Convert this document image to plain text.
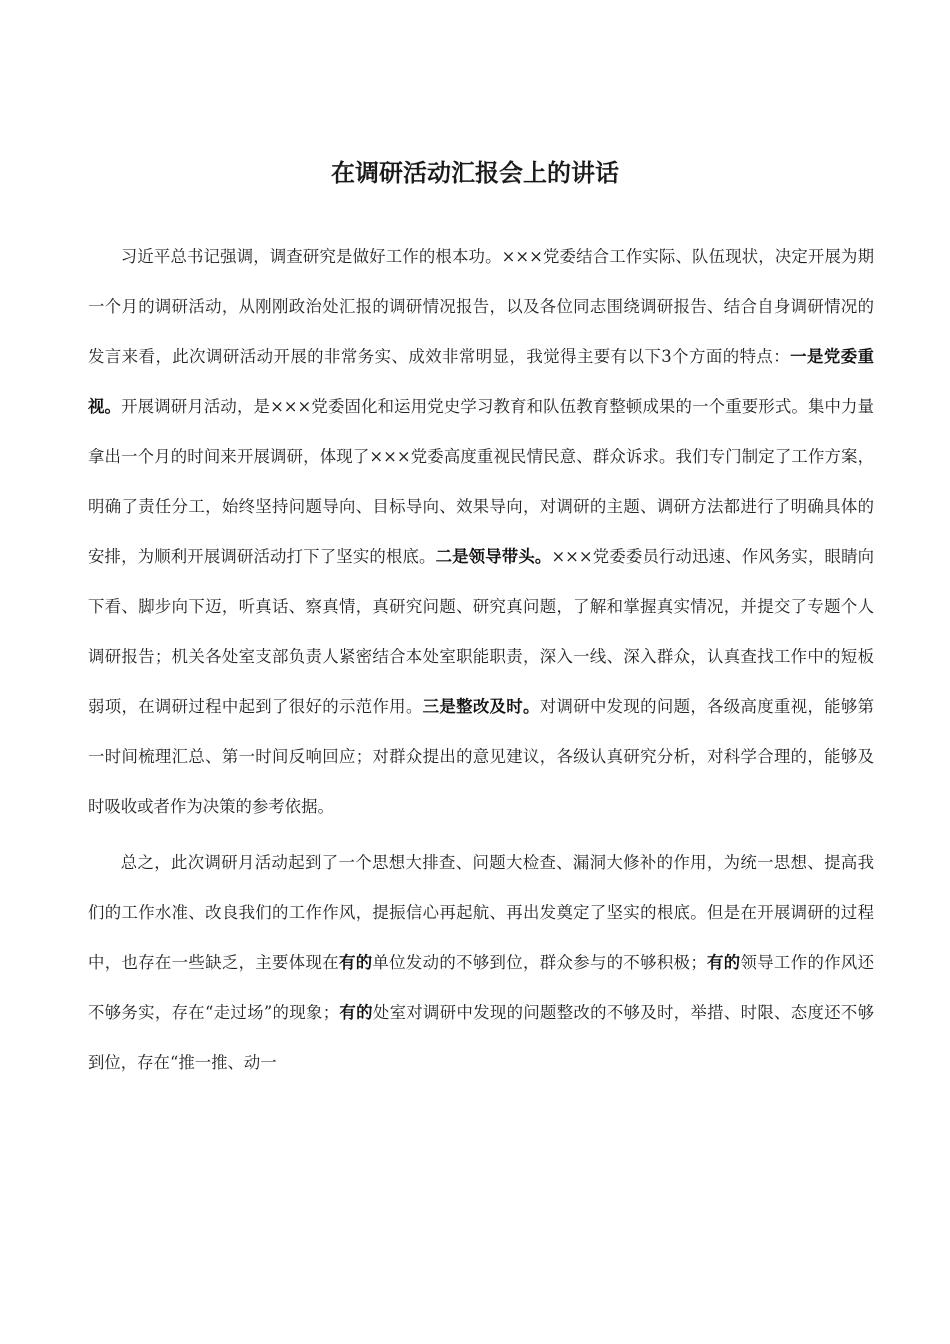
在调研活动汇报会上的讲话

习近平总书记强调，调查研究是做好工作的根本功。×××党委结合工作实际、队伍现状，决定开展为期一个月的调研活动，从刚刚政治处汇报的调研情况报告，以及各位同志围绕调研报告、结合自身调研情况的发言来看，此次调研活动开展的非常务实、成效非常明显，我觉得主要有以下3个方面的特点：一是党委重视。开展调研月活动，是×××党委固化和运用党史学习教育和队伍教育整顿成果的一个重要形式。集中力量拿出一个月的时间来开展调研，体现了×××党委高度重视民情民意、群众诉求。我们专门制定了工作方案，明确了责任分工，始终坚持问题导向、目标导向、效果导向，对调研的主题、调研方法都进行了明确具体的安排，为顺利开展调研活动打下了坚实的根底。二是领导带头。×××党委委员行动迅速、作风务实，眼睛向下看、脚步向下迈，听真话、察真情，真研究问题、研究真问题，了解和掌握真实情况，并提交了专题个人调研报告；机关各处室支部负责人紧密结合本处室职能职责，深入一线、深入群众，认真查找工作中的短板弱项，在调研过程中起到了很好的示范作用。三是整改及时。对调研中发现的问题，各级高度重视，能够第一时间梳理汇总、第一时间反响回应；对群众提出的意见建议，各级认真研究分析，对科学合理的，能够及时吸收或者作为决策的参考依据。

总之，此次调研月活动起到了一个思想大排查、问题大检查、漏洞大修补的作用，为统一思想、提高我们的工作水准、改良我们的工作作风，提振信心再起航、再出发奠定了坚实的根底。但是在开展调研的过程中，也存在一些缺乏，主要体现在有的单位发动的不够到位，群众参与的不够积极；有的领导工作的作风还不够务实，存在“走过场”的现象；有的处室对调研中发现的问题整改的不够及时，举措、时限、态度还不够到位，存在“推一推、动一
